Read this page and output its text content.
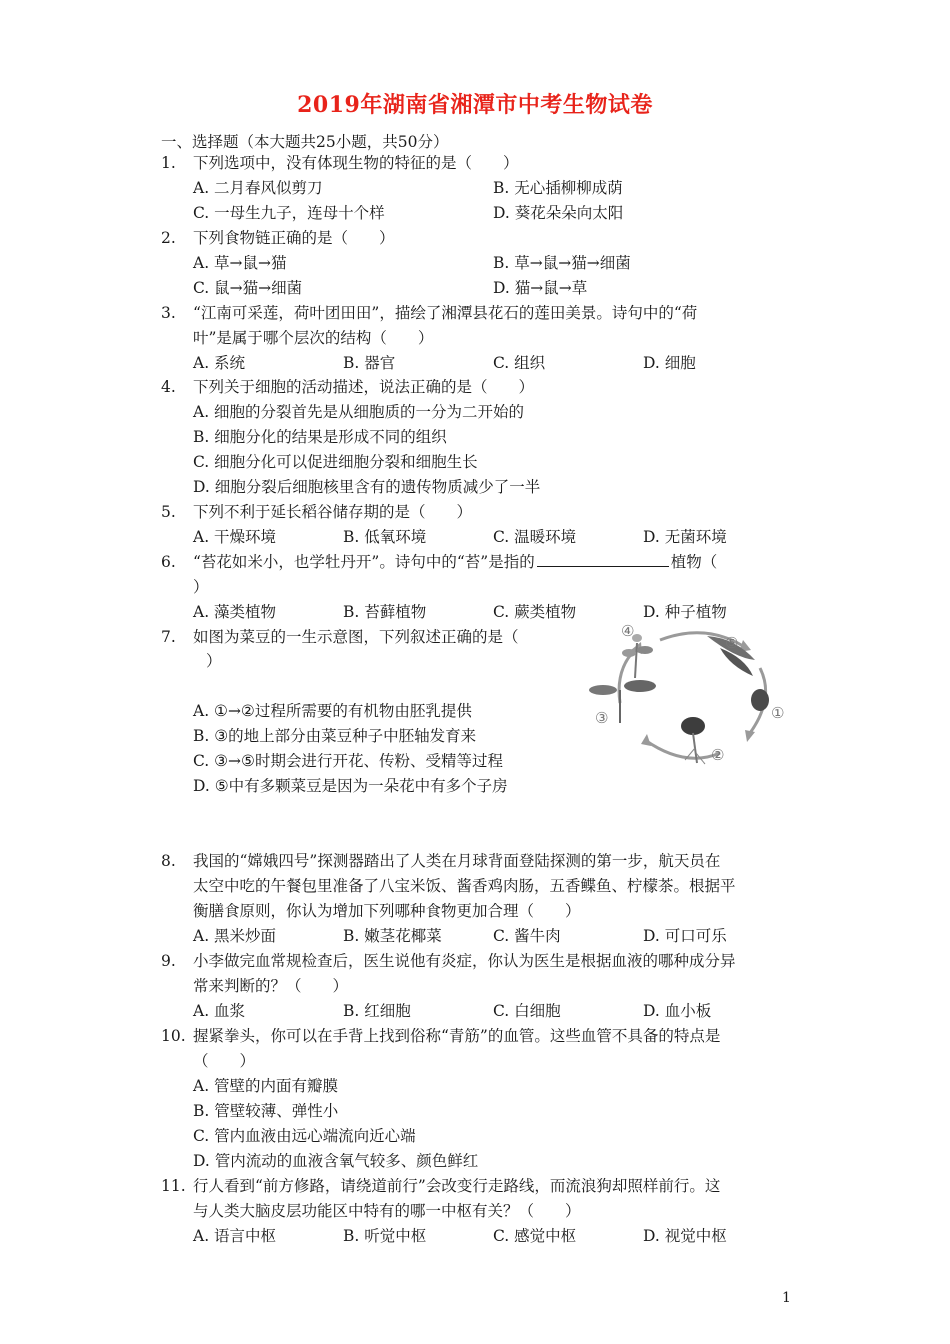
2019年湖南省湘潭市中考生物试卷
一、选择题（本大题共25小题，共50分）
1. 下列选项中，没有体现生物的特征的是（　　）
A. 二月春风似剪刀	B. 无心插柳柳成荫
C. 一母生九子，连母十个样	D. 葵花朵朵向太阳
2. 下列食物链正确的是（　　）
A. 草→鼠→猫	B. 草→鼠→猫→细菌
C. 鼠→猫→细菌	D. 猫→鼠→草
3. “江南可采莲，荷叶团田田”，描绘了湘潭县花石的莲田美景。诗句中的“荷
叶”是属于哪个层次的结构（　　）
A. 系统	B. 器官	C. 组织	D. 细胞
4. 下列关于细胞的活动描述，说法正确的是（　　）
A. 细胞的分裂首先是从细胞质的一分为二开始的
B. 细胞分化的结果是形成不同的组织
C. 细胞分化可以促进细胞分裂和细胞生长
D. 细胞分裂后细胞核里含有的遗传物质减少了一半
5. 下列不利于延长稻谷储存期的是（　　）
A. 干燥环境	B. 低氧环境	C. 温暖环境	D. 无菌环境
6. “苔花如米小，也学牡丹开”。诗句中的“苔”是指的	植物（
）
A. 藻类植物	B. 苔藓植物	C. 蕨类植物	D. 种子植物
7. 如图为菜豆的一生示意图，下列叙述正确的是（
）
A. ①→②过程所需要的有机物由胚乳提供
B. ③的地上部分由菜豆种子中胚轴发育来
C. ③→⑤时期会进行开花、传粉、受精等过程
D. ⑤中有多颗菜豆是因为一朵花中有多个子房
④
⑤
①
②
③
8. 我国的“嫦娥四号”探测器踏出了人类在月球背面登陆探测的第一步，航天员在
太空中吃的午餐包里准备了八宝米饭、酱香鸡肉肠，五香鲽鱼、柠檬茶。根据平
衡膳食原则，你认为增加下列哪种食物更加合理（　　）
A. 黑米炒面	B. 嫩茎花椰菜	C. 酱牛肉	D. 可口可乐
9. 小李做完血常规检查后，医生说他有炎症，你认为医生是根据血液的哪种成分异
常来判断的？（　　）
A. 血浆	B. 红细胞	C. 白细胞	D. 血小板
10. 握紧拳头，你可以在手背上找到俗称“青筋”的血管。这些血管不具备的特点是
（　　）
A. 管壁的内面有瓣膜
B. 管壁较薄、弹性小
C. 管内血液由远心端流向近心端
D. 管内流动的血液含氧气较多、颜色鲜红
11. 行人看到“前方修路，请绕道前行”会改变行走路线，而流浪狗却照样前行。这
与人类大脑皮层功能区中特有的哪一中枢有关？（　　）
A. 语言中枢	B. 听觉中枢	C. 感觉中枢	D. 视觉中枢
1
